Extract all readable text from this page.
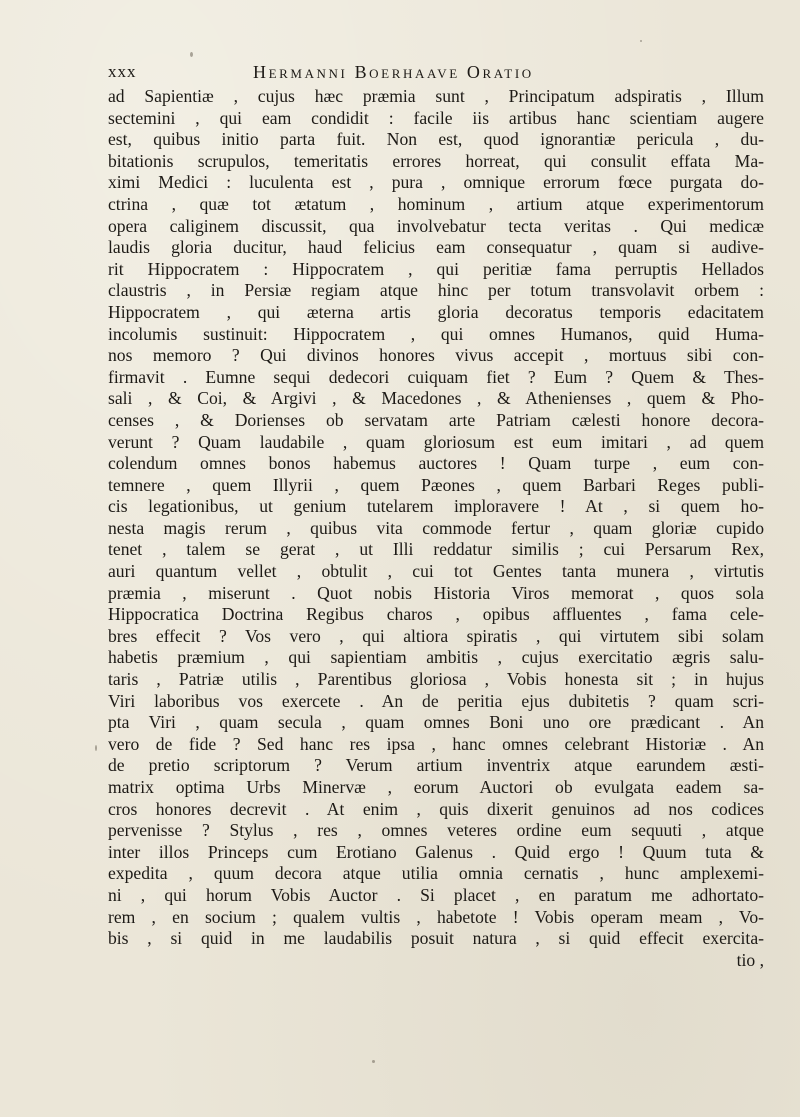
xxx	Hermanni Boerhaave Oratio
ad Sapientiæ , cujus hæc præmia sunt , Principatum adspiratis , Illum
sectemini , qui eam condidit : facile iis artibus hanc scientiam augere
est, quibus initio parta fuit. Non est, quod ignorantiæ pericula , du-
bitationis scrupulos, temeritatis errores horreat, qui consulit effata Ma-
ximi Medici : luculenta est , pura , omnique errorum fœce purgata do-
ctrina , quæ tot ætatum , hominum , artium atque experimentorum
opera caliginem discussit, qua involvebatur tecta veritas . Qui medicæ
laudis gloria ducitur, haud felicius eam consequatur , quam si audive-
rit Hippocratem : Hippocratem , qui peritiæ fama perruptis Hellados
claustris , in Persiæ regiam atque hinc per totum transvolavit orbem :
Hippocratem , qui æterna artis gloria decoratus temporis edacitatem
incolumis sustinuit: Hippocratem , qui omnes Humanos, quid Huma-
nos memoro ? Qui divinos honores vivus accepit , mortuus sibi con-
firmavit . Eumne sequi dedecori cuiquam fiet ? Eum ? Quem & Thes-
sali , & Coi, & Argivi , & Macedones , & Athenienses , quem & Pho-
censes , & Dorienses ob servatam arte Patriam cælesti honore decora-
verunt ? Quam laudabile , quam gloriosum est eum imitari , ad quem
colendum omnes bonos habemus auctores ! Quam turpe , eum con-
temnere , quem Illyrii , quem Pæones , quem Barbari Reges publi-
cis legationibus, ut genium tutelarem imploravere ! At , si quem ho-
nesta magis rerum , quibus vita commode fertur , quam gloriæ cupido
tenet , talem se gerat , ut Illi reddatur similis ; cui Persarum Rex,
auri quantum vellet , obtulit , cui tot Gentes tanta munera , virtutis
præmia , miserunt . Quot nobis Historia Viros memorat , quos sola
Hippocratica Doctrina Regibus charos , opibus affluentes , fama cele-
bres effecit ? Vos vero , qui altiora spiratis , qui virtutem sibi solam
habetis præmium , qui sapientiam ambitis , cujus exercitatio ægris salu-
taris , Patriæ utilis , Parentibus gloriosa , Vobis honesta sit ; in hujus
Viri laboribus vos exercete . An de peritia ejus dubitetis ? quam scri-
pta Viri , quam secula , quam omnes Boni uno ore prædicant . An
vero de fide ? Sed hanc res ipsa , hanc omnes celebrant Historiæ . An
de pretio scriptorum ? Verum artium inventrix atque earundem æsti-
matrix optima Urbs Minervæ , eorum Auctori ob evulgata eadem sa-
cros honores decrevit . At enim , quis dixerit genuinos ad nos codices
pervenisse ? Stylus , res , omnes veteres ordine eum sequuti , atque
inter illos Princeps cum Erotiano Galenus . Quid ergo ! Quum tuta &
expedita , quum decora atque utilia omnia cernatis , hunc amplexemi-
ni , qui horum Vobis Auctor . Si placet , en paratum me adhortato-
rem , en socium ; qualem vultis , habetote ! Vobis operam meam , Vo-
bis , si quid in me laudabilis posuit natura , si quid effecit exercita-
tio ,
